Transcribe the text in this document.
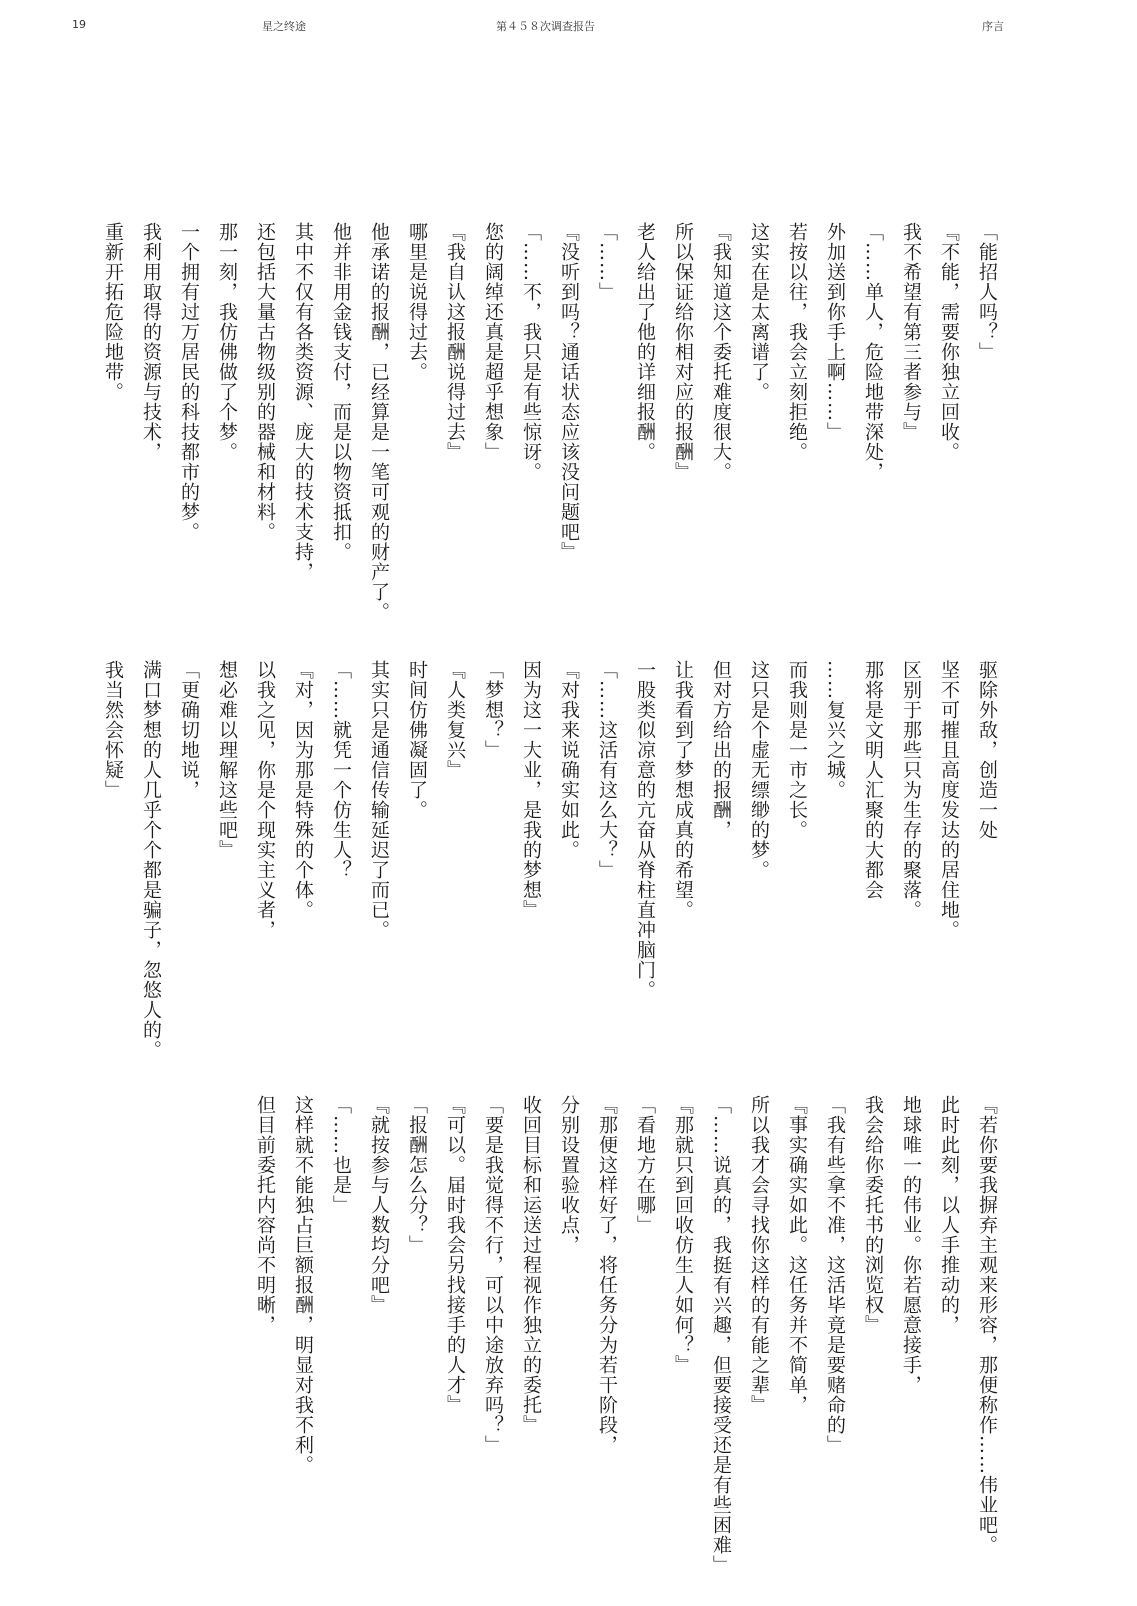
19	星之终途	第４５８次调查报告	序言

「能招人吗？」

『不能，需要你独立回收。

我不希望有第三者参与』

「……单人，危险地带深处，

外加送到你手上啊……」

若按以往，我会立刻拒绝。

这实在是太离谱了。

『我知道这个委托难度很大。

所以保证给你相对应的报酬』

老人给出了他的详细报酬。

「……」

『没听到吗？通话状态应该没问题吧』

「……不，我只是有些惊讶。

您的阔绰还真是超乎想象」

『我自认这报酬说得过去』

哪里是说得过去。

他承诺的报酬，已经算是一笔可观的财产了。

他并非用金钱支付，而是以物资抵扣。

其中不仅有各类资源、庞大的技术支持，

还包括大量古物级别的器械和材料。

那一刻，我仿佛做了个梦。

一个拥有过万居民的科技都市的梦。

我利用取得的资源与技术，

重新开拓危险地带。

驱除外敌，创造一处

坚不可摧且高度发达的居住地。

区别于那些只为生存的聚落。

那将是文明人汇聚的大都会

……复兴之城。

而我则是一市之长。

这只是个虚无缥缈的梦。

但对方给出的报酬，

让我看到了梦想成真的希望。

一股类似凉意的亢奋从脊柱直冲脑门。

「……这活有这么大？」

『对我来说确实如此。

因为这一大业，是我的梦想』

「梦想？」

『人类复兴』

时间仿佛凝固了。

其实只是通信传输延迟了而已。

「……就凭一个仿生人？

『对，因为那是特殊的个体。

以我之见，你是个现实主义者，

想必难以理解这些吧』

「更确切地说，

满口梦想的人几乎个个都是骗子，忽悠人的。

我当然会怀疑」

『若你要我摒弃主观来形容，那便称作……伟业吧。

此时此刻，以人手推动的，

地球唯一的伟业。你若愿意接手，

我会给你委托书的浏览权』

「我有些拿不准，这活毕竟是要赌命的」

『事实确实如此。这任务并不简单，

所以我才会寻找你这样的有能之辈』

「……说真的，我挺有兴趣，但要接受还是有些困难」

『那就只到回收仿生人如何？』

「看地方在哪」

『那便这样好了，将任务分为若干阶段，

分别设置验收点，

收回目标和运送过程视作独立的委托』

「要是我觉得不行，可以中途放弃吗？」

『可以。届时我会另找接手的人才』

「报酬怎么分？」

『就按参与人数均分吧』

「……也是」

这样就不能独占巨额报酬，明显对我不利。

但目前委托内容尚不明晰，
